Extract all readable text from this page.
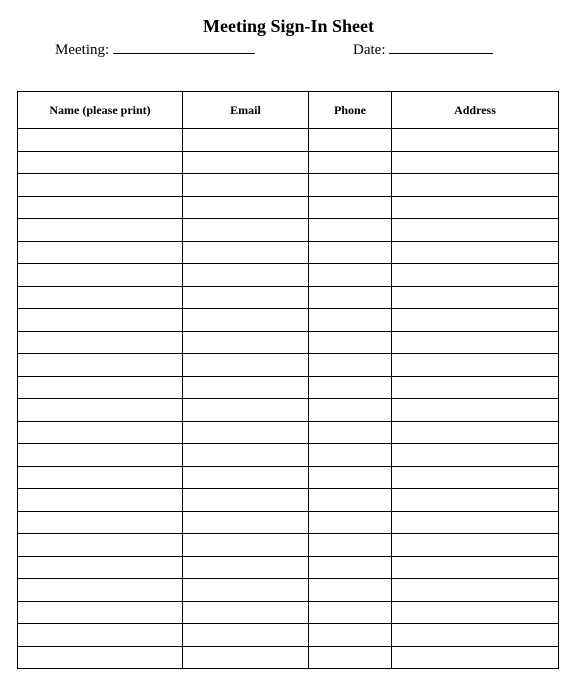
Meeting Sign-In Sheet
Meeting:	Date:
Name (please print)	Email	Phone	Address
